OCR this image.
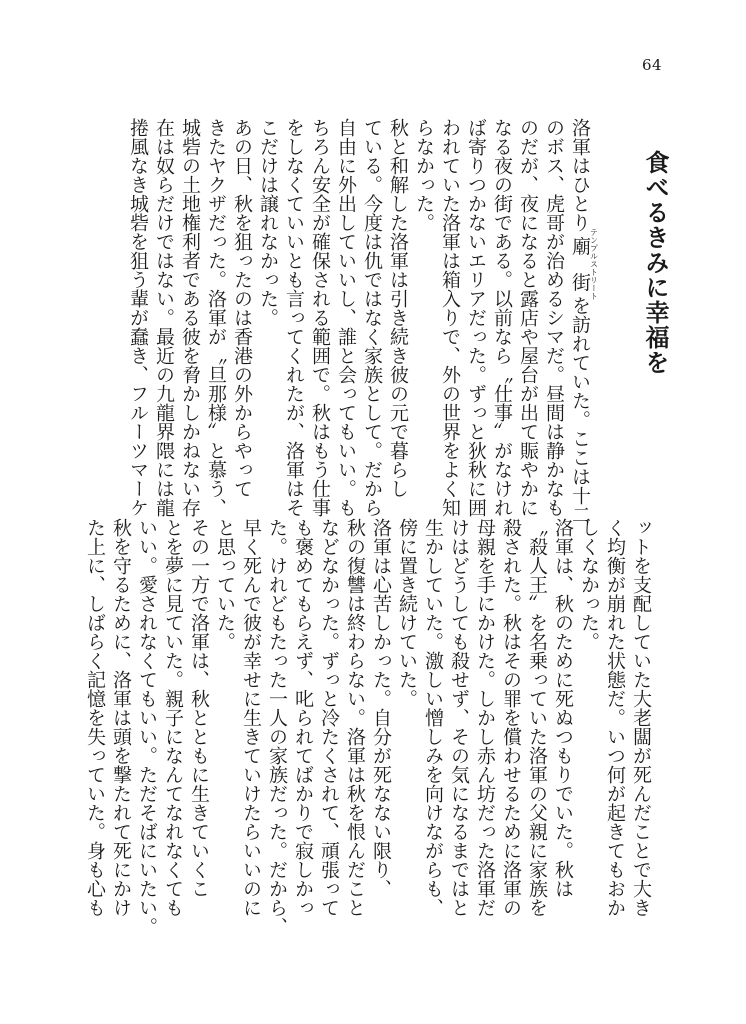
64
食べるきみに幸福を
洛軍はひとり廟街テンプルストリートを訪れていた。ここは十二
のボス、虎哥が治めるシマだ。昼間は静かなも
のだが、夜になると露店や屋台が出て賑やかに
なる夜の街である。以前なら〝仕事〟がなけれ
ば寄りつかないエリアだった。ずっと狄秋に囲
われていた洛軍は箱入りで、外の世界をよく知
らなかった。
秋と和解した洛軍は引き続き彼の元で暮らし
ている。今度は仇ではなく家族として。だから
自由に外出していいし、誰と会ってもいい。も
ちろん安全が確保される範囲で。秋はもう仕事
をしなくていいとも言ってくれたが、洛軍はそ
こだけは譲れなかった。
あの日、秋を狙ったのは香港の外からやって
きたヤクザだった。洛軍が〝旦那様〟と慕う、
城砦の土地権利者である彼を脅かしかねない存
在は奴らだけではない。最近の九龍界隈には龍
捲風なき城砦を狙う輩が蠢き、フルーツマーケ
ットを支配していた大老闆が死んだことで大き
く均衡が崩れた状態だ。いつ何が起きてもおか
しくなかった。
洛軍は、秋のために死ぬつもりでいた。秋は
〝殺人王〟を名乗っていた洛軍の父親に家族を
殺された。秋はその罪を償わせるために洛軍の
母親を手にかけた。しかし赤ん坊だった洛軍だ
けはどうしても殺せず、その気になるまではと
生かしていた。激しい憎しみを向けながらも、
傍に置き続けていた。
洛軍は心苦しかった。自分が死なない限り、
秋の復讐は終わらない。洛軍は秋を恨んだこと
などなかった。ずっと冷たくされて、頑張って
も褒めてもらえず、叱られてばかりで寂しかっ
た。けれどもたった一人の家族だった。だから、
早く死んで彼が幸せに生きていけたらいいのに
と思っていた。
その一方で洛軍は、秋とともに生きていくこ
とを夢に見ていた。親子になんてなれなくても
いい。愛されなくてもいい。ただそばにいたい。
秋を守るために、洛軍は頭を撃たれて死にかけ
た上に、しばらく記憶を失っていた。身も心も
